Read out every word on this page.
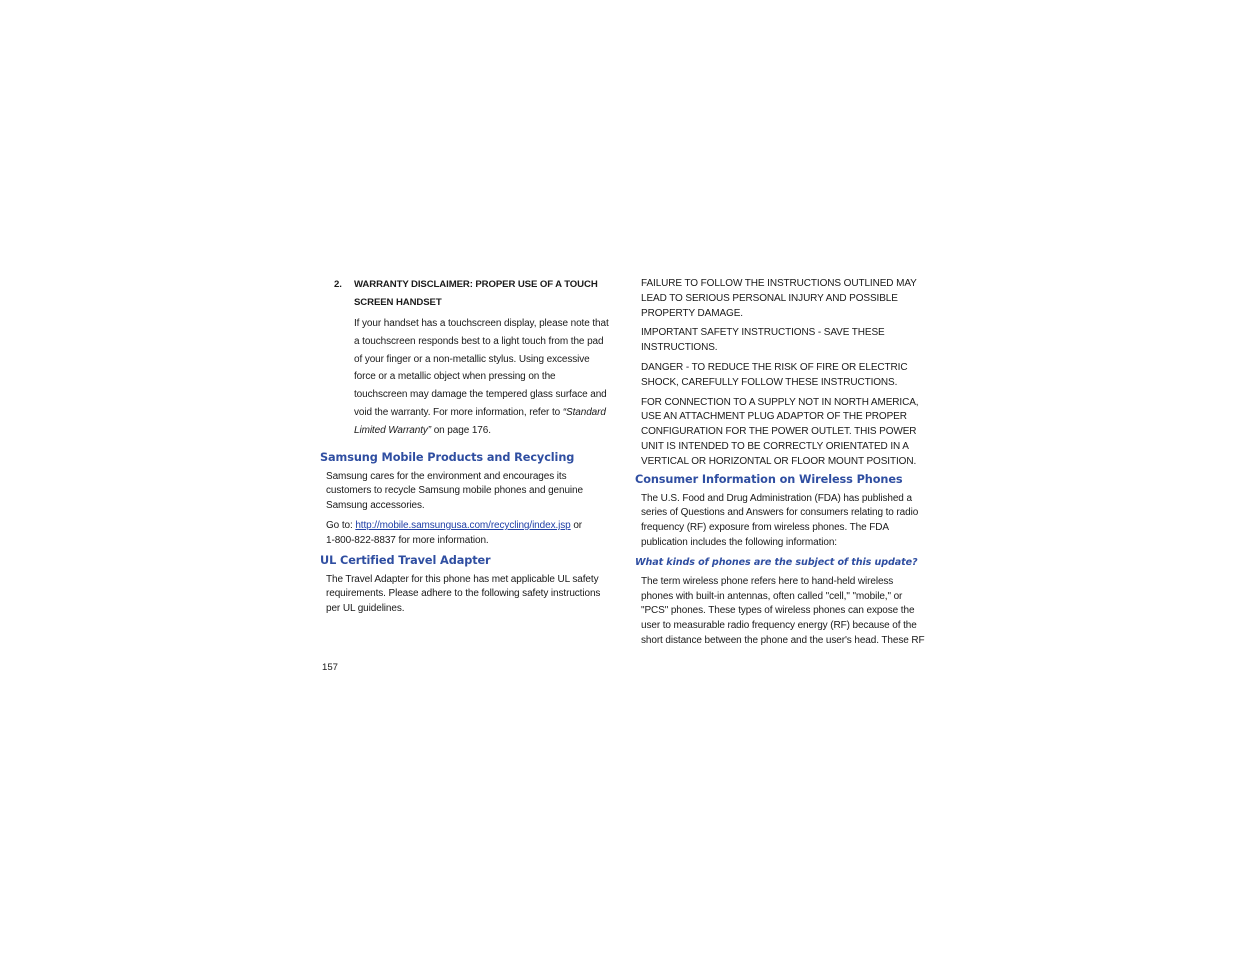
2.	WARRANTY DISCLAIMER: PROPER USE OF A TOUCH SCREEN HANDSET
If your handset has a touchscreen display, please note that a touchscreen responds best to a light touch from the pad of your finger or a non-metallic stylus. Using excessive force or a metallic object when pressing on the touchscreen may damage the tempered glass surface and void the warranty. For more information, refer to “Standard Limited Warranty” on page 176.
Samsung Mobile Products and Recycling

Samsung cares for the environment and encourages its customers to recycle Samsung mobile phones and genuine Samsung accessories.

Go to: http://mobile.samsungusa.com/recycling/index.jsp or
1-800-822-8837 for more information.

UL Certified Travel Adapter

The Travel Adapter for this phone has met applicable UL safety requirements. Please adhere to the following safety instructions per UL guidelines.

FAILURE TO FOLLOW THE INSTRUCTIONS OUTLINED MAY LEAD TO SERIOUS PERSONAL INJURY AND POSSIBLE PROPERTY DAMAGE.

IMPORTANT SAFETY INSTRUCTIONS - SAVE THESE INSTRUCTIONS.

DANGER - TO REDUCE THE RISK OF FIRE OR ELECTRIC SHOCK, CAREFULLY FOLLOW THESE INSTRUCTIONS.

FOR CONNECTION TO A SUPPLY NOT IN NORTH AMERICA, USE AN ATTACHMENT PLUG ADAPTOR OF THE PROPER CONFIGURATION FOR THE POWER OUTLET. THIS POWER UNIT IS INTENDED TO BE CORRECTLY ORIENTATED IN A VERTICAL OR HORIZONTAL OR FLOOR MOUNT POSITION.

Consumer Information on Wireless Phones

The U.S. Food and Drug Administration (FDA) has published a series of Questions and Answers for consumers relating to radio frequency (RF) exposure from wireless phones. The FDA publication includes the following information:

What kinds of phones are the subject of this update?

The term wireless phone refers here to hand-held wireless phones with built-in antennas, often called "cell," "mobile," or "PCS" phones. These types of wireless phones can expose the user to measurable radio frequency energy (RF) because of the short distance between the phone and the user's head. These RF

157
